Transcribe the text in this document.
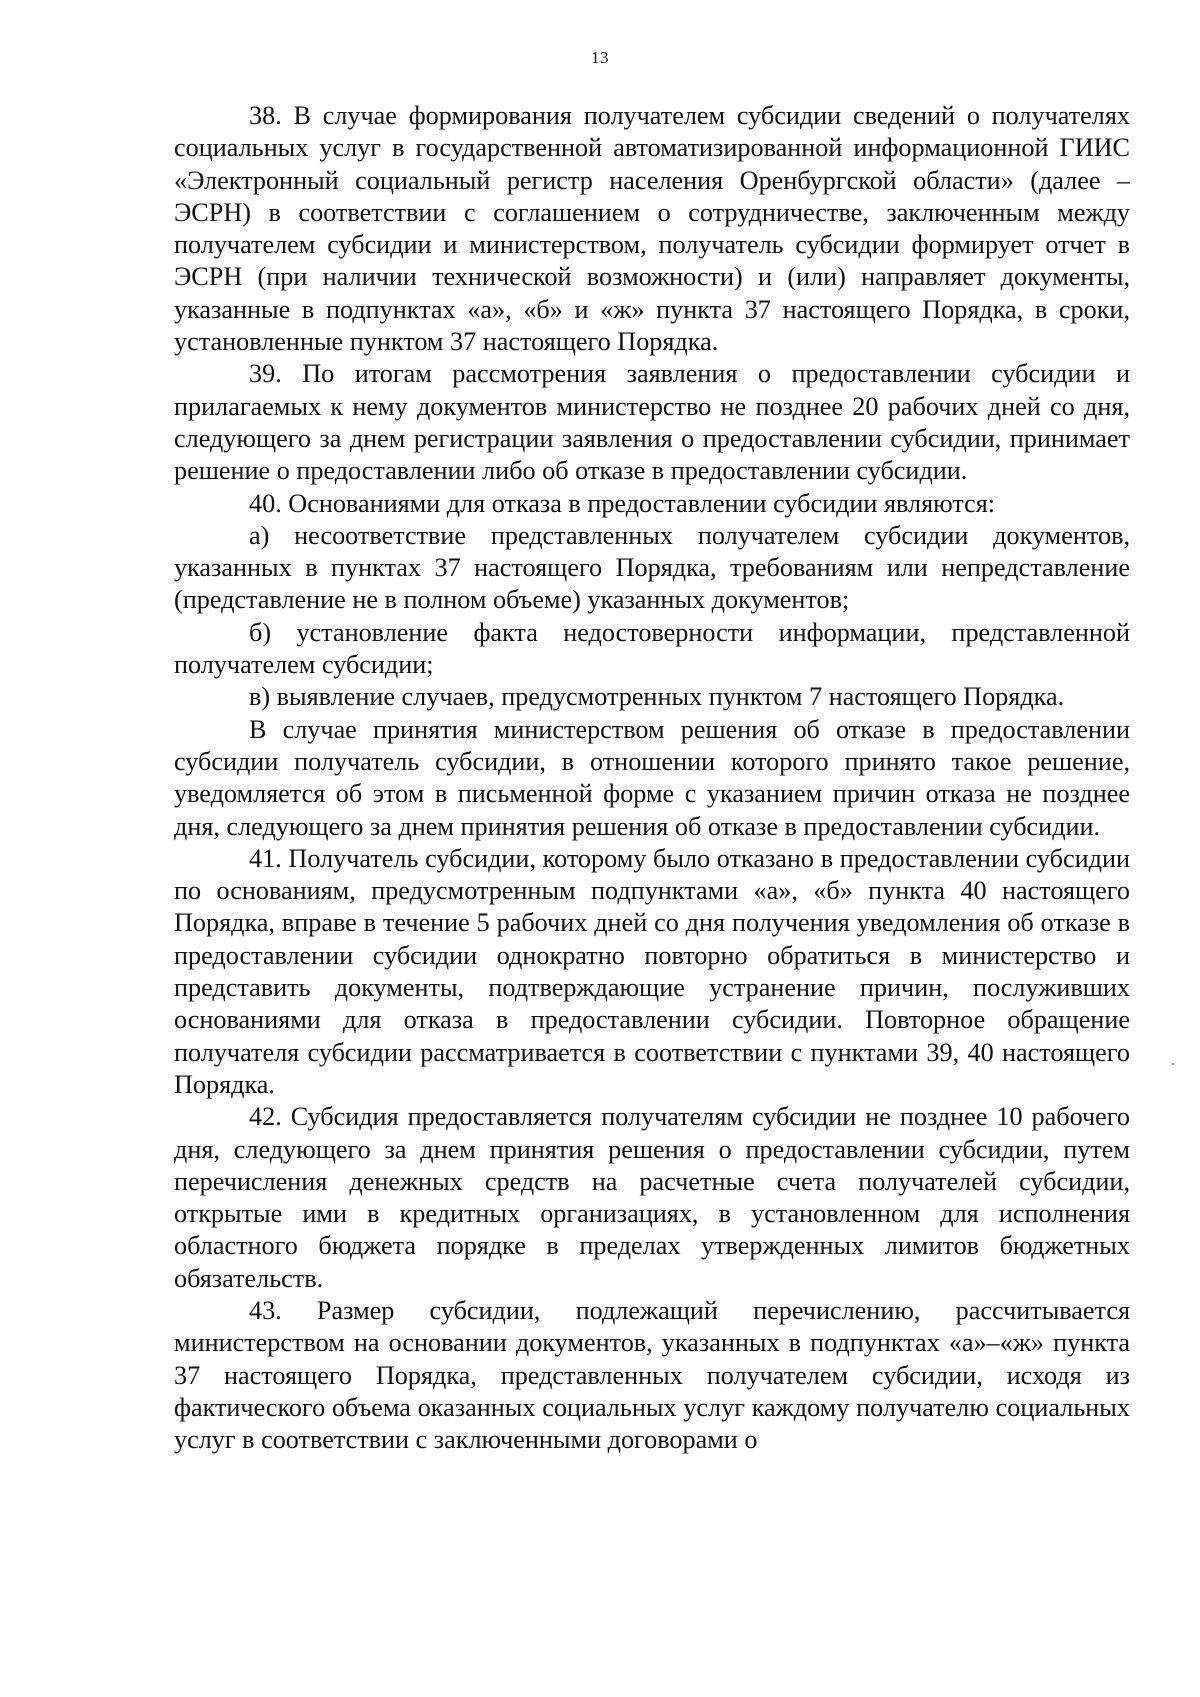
13

38. В случае формирования получателем субсидии сведений о получателях социальных услуг в государственной автоматизированной информационной ГИИС «Электронный социальный регистр населения Оренбургской области» (далее – ЭСРН) в соответствии с соглашением о сотрудничестве, заключенным между получателем субсидии и министерством, получатель субсидии формирует отчет в ЭСРН (при наличии технической возможности) и (или) направляет документы, указанные в подпунктах «а», «б» и «ж» пункта 37 настоящего Порядка, в сроки, установленные пунктом 37 настоящего Порядка.

39. По итогам рассмотрения заявления о предоставлении субсидии и прилагаемых к нему документов министерство не позднее 20 рабочих дней со дня, следующего за днем регистрации заявления о предоставлении субсидии, принимает решение о предоставлении либо об отказе в предоставлении субсидии.

40. Основаниями для отказа в предоставлении субсидии являются:

а) несоответствие представленных получателем субсидии документов, указанных в пунктах 37 настоящего Порядка, требованиям или непредставление (представление не в полном объеме) указанных документов;

б) установление факта недостоверности информации, представленной получателем субсидии;

в) выявление случаев, предусмотренных пунктом 7 настоящего Порядка.

В случае принятия министерством решения об отказе в предоставлении субсидии получатель субсидии, в отношении которого принято такое решение, уведомляется об этом в письменной форме с указанием причин отказа не позднее дня, следующего за днем принятия решения об отказе в предоставлении субсидии.

41. Получатель субсидии, которому было отказано в предоставлении субсидии по основаниям, предусмотренным подпунктами «а», «б» пункта 40 настоящего Порядка, вправе в течение 5 рабочих дней со дня получения уведомления об отказе в предоставлении субсидии однократно повторно обратиться в министерство и представить документы, подтверждающие устранение причин, послуживших основаниями для отказа в предоставлении субсидии. Повторное обращение получателя субсидии рассматривается в соответствии с пунктами 39, 40 настоящего Порядка.

42. Субсидия предоставляется получателям субсидии не позднее 10 рабочего дня, следующего за днем принятия решения о предоставлении субсидии, путем перечисления денежных средств на расчетные счета получателей субсидии, открытые ими в кредитных организациях, в установленном для исполнения областного бюджета порядке в пределах утвержденных лимитов бюджетных обязательств.

43. Размер субсидии, подлежащий перечислению, рассчитывается министерством на основании документов, указанных в подпунктах «а»–«ж» пункта 37 настоящего Порядка, представленных получателем субсидии, исходя из фактического объема оказанных социальных услуг каждому получателю социальных услуг в соответствии с заключенными договорами о
